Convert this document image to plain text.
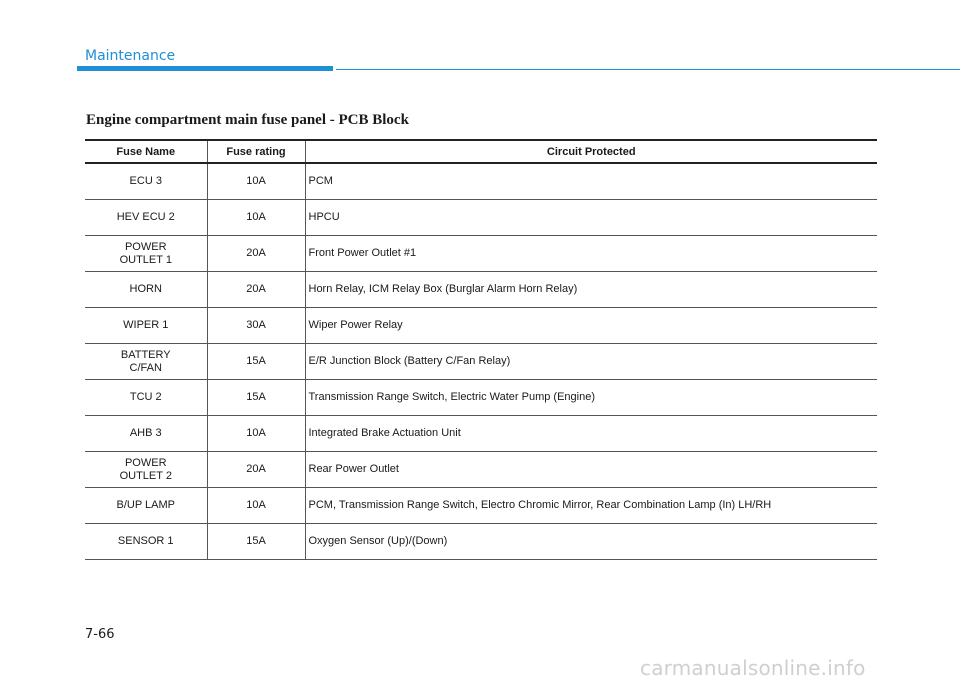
Maintenance
Engine compartment main fuse panel - PCB Block
Fuse Name	Fuse rating	Circuit Protected
ECU 3	10A	PCM
HEV ECU 2	10A	HPCU
POWER
OUTLET 1	20A	Front Power Outlet #1
HORN	20A	Horn Relay, ICM Relay Box (Burglar Alarm Horn Relay)
WIPER 1	30A	Wiper Power Relay
BATTERY
C/FAN	15A	E/R Junction Block (Battery C/Fan Relay)
TCU 2	15A	Transmission Range Switch, Electric Water Pump (Engine)
AHB 3	10A	Integrated Brake Actuation Unit
POWER
OUTLET 2	20A	Rear Power Outlet
B/UP LAMP	10A	PCM, Transmission Range Switch, Electro Chromic Mirror, Rear Combination Lamp (In) LH/RH
SENSOR 1	15A	Oxygen Sensor (Up)/(Down)
7-66
carmanualsonline.info
